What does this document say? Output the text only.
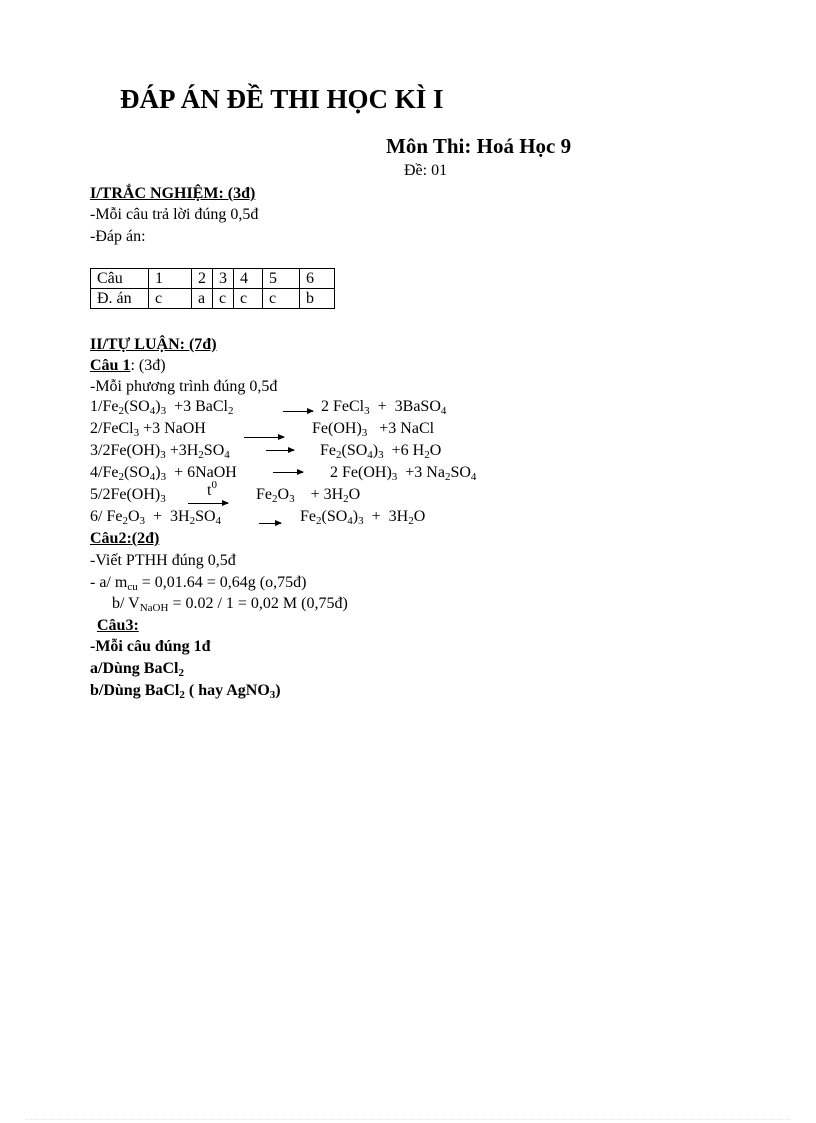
ĐÁP ÁN ĐỀ THI HỌC KÌ I
Môn Thi: Hoá Học 9
Đề: 01
I/TRẮC NGHIỆM: (3đ)
-Mỗi câu trả lời đúng 0,5đ
-Đáp án:
Câu	1	2	3	4	5	6
Đ. án	c	a	c	c	c	b
II/TỰ LUẬN: (7đ)
Câu 1: (3đ)
-Mỗi phương trình đúng 0,5đ
$1/Fe_2(SO_4)_3 +3$ BaCl$_2$	→ 2 FeCl$_3$  +  3BaSO$_4$
2/FeCl$_3$ +3 NaOH	$Fe(OH)_3 +3$ NaCl
$3/2Fe(OH)_3 +3H_2SO_4$	$Fe_2(SO_4)_3 +6$ $H_2O$
$4/Fe_2(SO_4)_3$  + 6NaOH	2 $Fe(OH)_3 +3$ $Na_2SO_4$
$5/2Fe(OH)_3$	$t^0$
$Fe_2O_3$    + $3H_2O$
6/ $Fe_2O_3 + 3H_2SO_4 \to Fe_2(SO_4)_3 + 3H_2O$
Câu2:(2đ)
-Viết PTHH đúng 0,5đ
- a/ $m_{cu} = 0,01.64 = 0,64g$ (o,75đ)
b/ $V_{NaOH} = 0.02 / 1 = 0,02$ M (0,75đ)
Câu3:
-Mỗi câu đúng 1đ
a/Dùng BaCl$_2$
b/Dùng BaCl$_2$ ( hay AgNO$_3$)
